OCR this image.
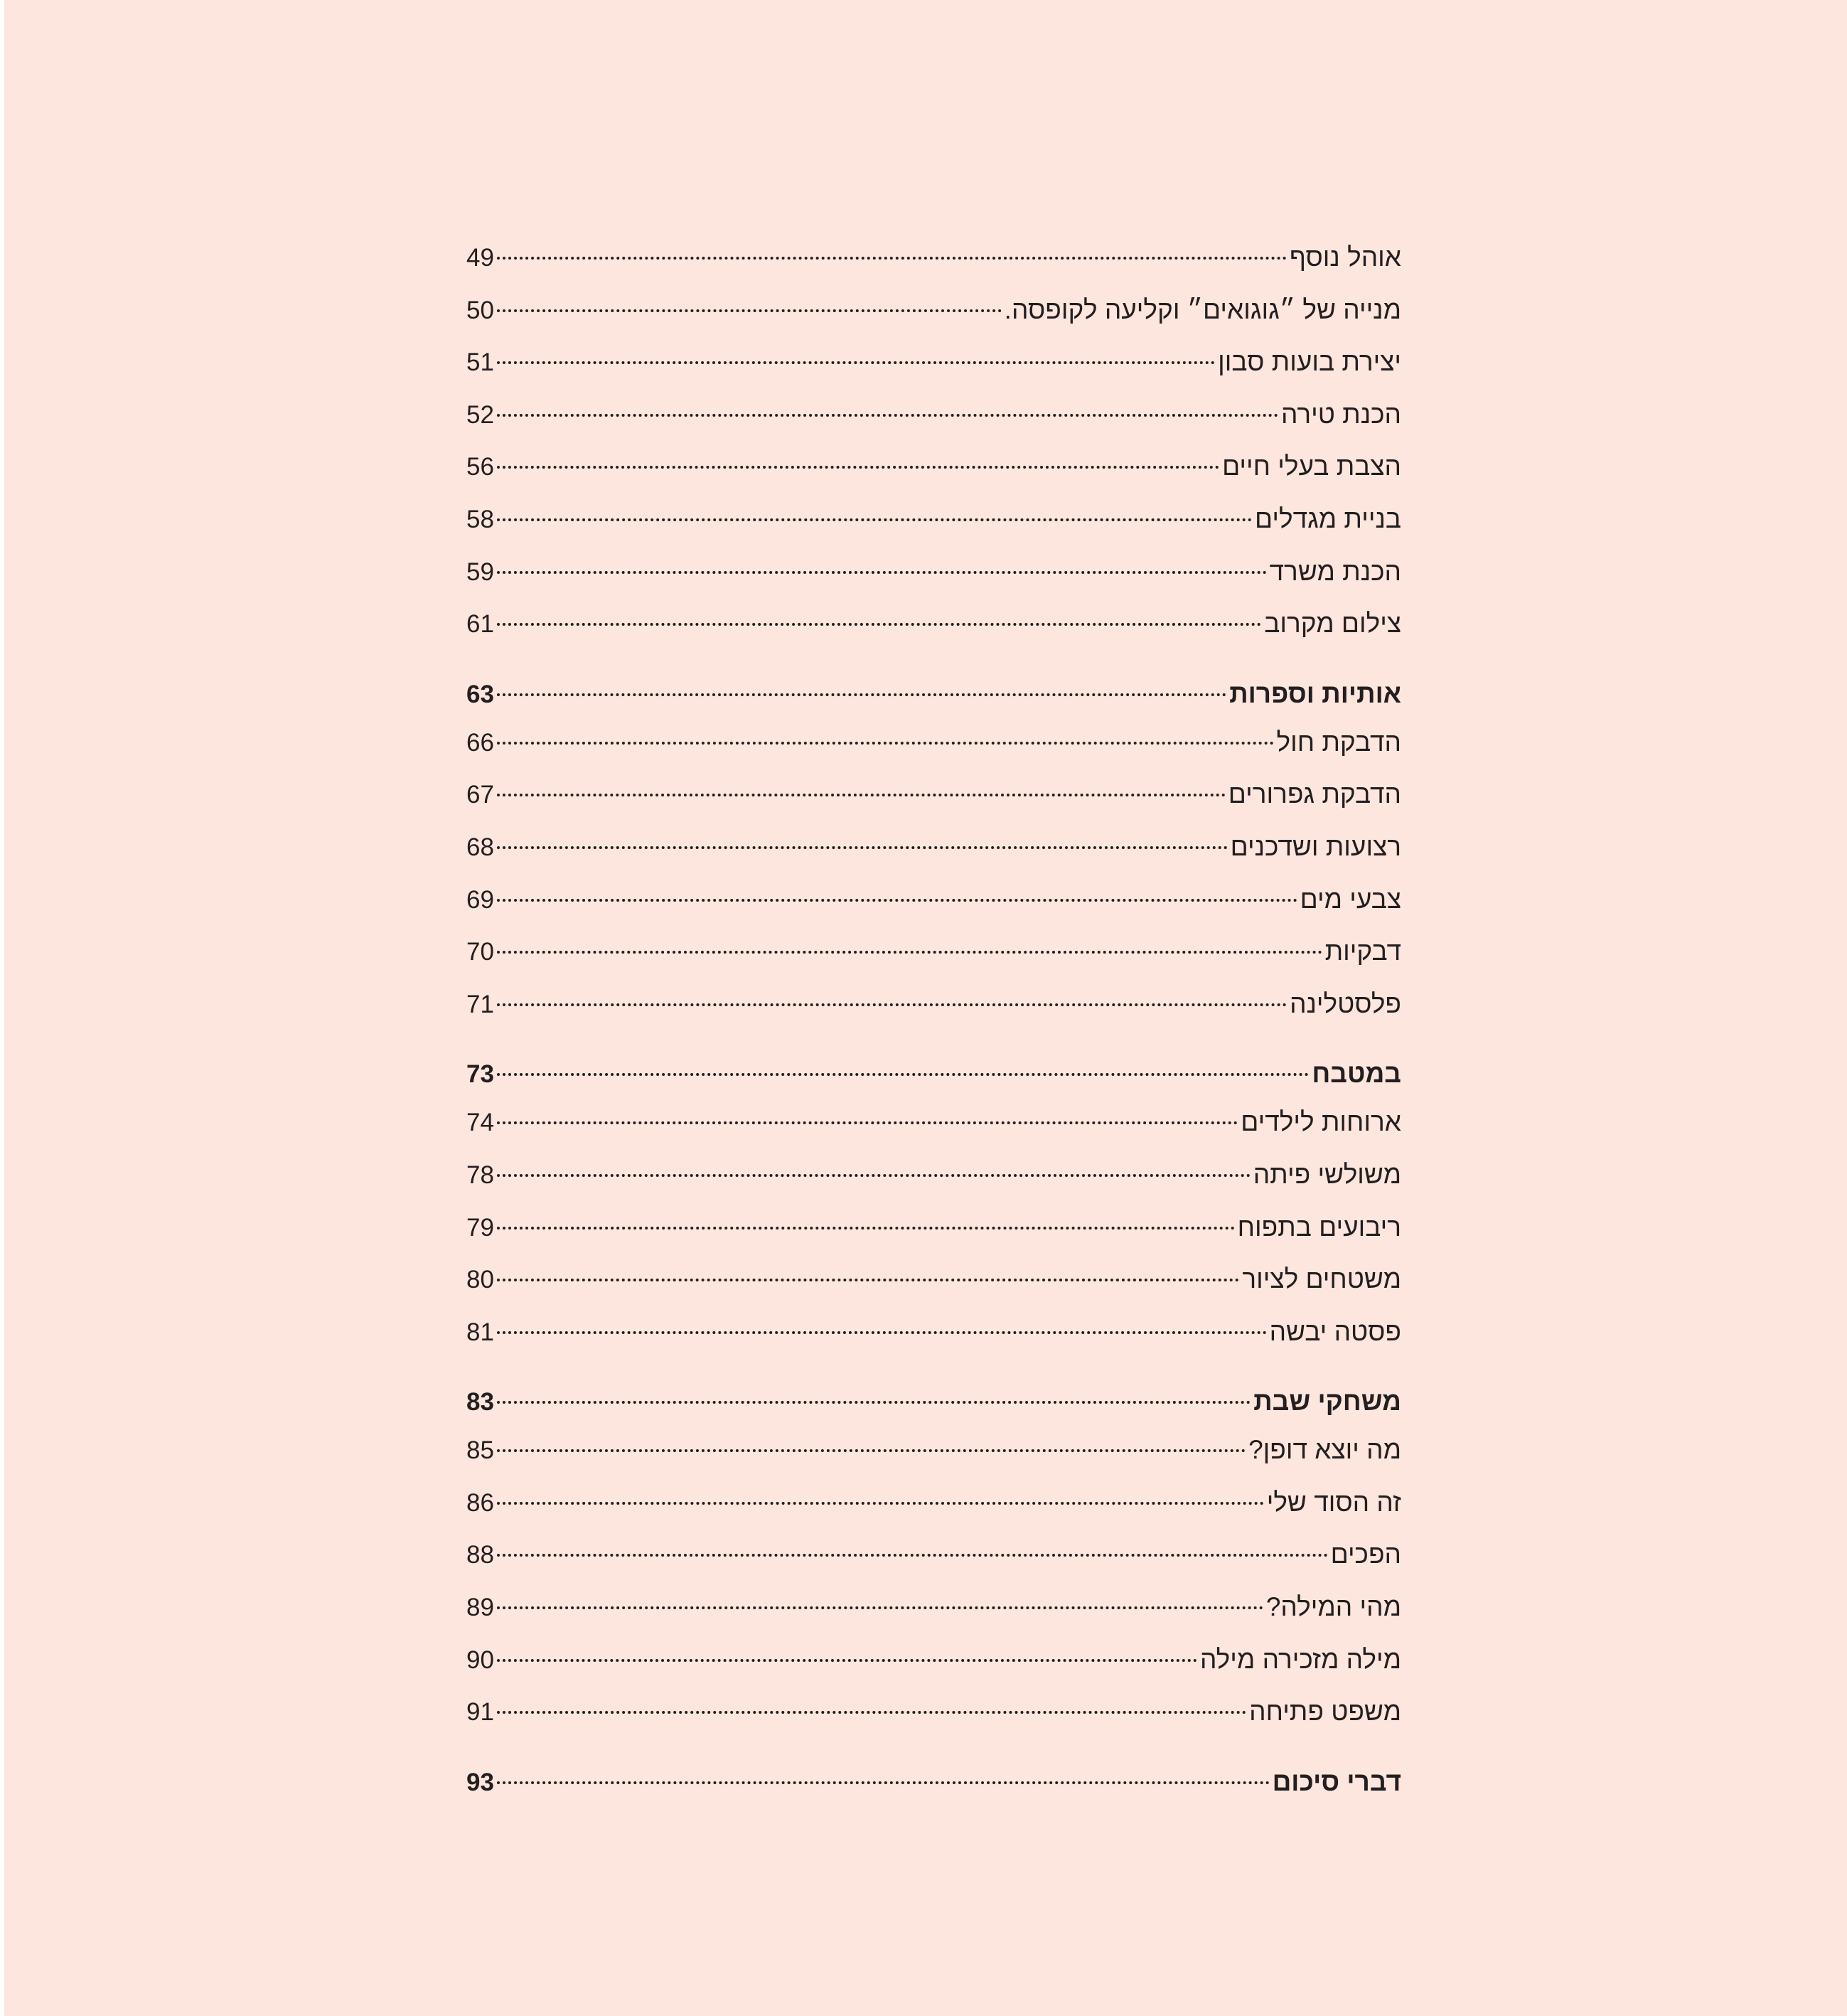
אוהל נוסף
49
מנייה של ״גוגואים״ וקליעה לקופסה.
50
יצירת בועות סבון
51
הכנת טירה
52
הצבת בעלי חיים
56
בניית מגדלים
58
הכנת משרד
59
צילום מקרוב
61
אותיות וספרות
63
הדבקת חול
66
הדבקת גפרורים
67
רצועות ושדכנים
68
צבעי מים
69
דבקיות
70
פלסטלינה
71
במטבח
73
ארוחות לילדים
74
משולשי פיתה
78
ריבועים בתפוח
79
משטחים לציור
80
פסטה יבשה
81
משחקי שבת
83
מה יוצא דופן?
85
זה הסוד שלי
86
הפכים
88
מהי המילה?
89
מילה מזכירה מילה
90
משפט פתיחה
91
דברי סיכום
93
